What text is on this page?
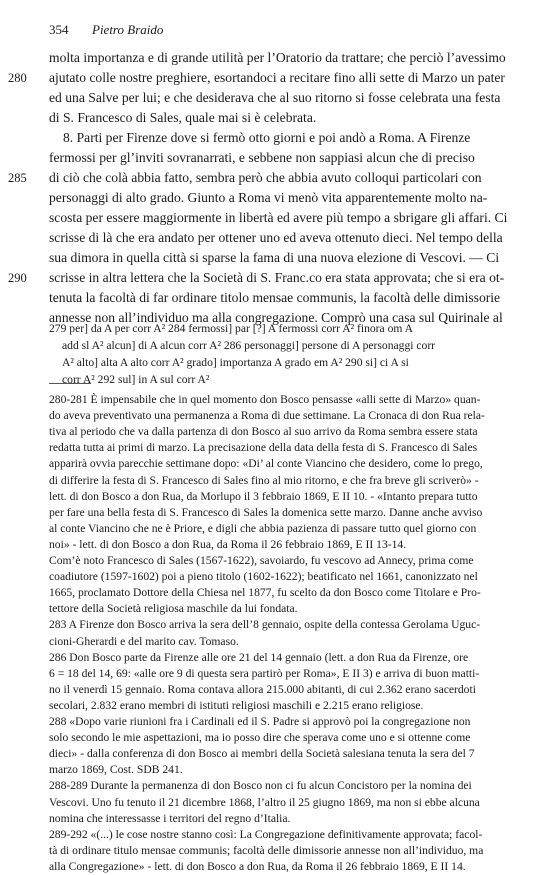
354 Pietro Braido
molta importanza e di grande utilità per l’Oratorio da trattare; che perciò l’avessimo
ajutato colle nostre preghiere, esortandoci a recitare fino alli sette di Marzo un pater
ed una Salve per lui; e che desiderava che al suo ritorno si fosse celebrata una festa
di S. Francesco di Sales, quale mai si è celebrata.
8. Parti per Firenze dove si fermò otto giorni e poi andò a Roma. A Firenze
fermossi per gl’inviti sovranarrati, e sebbene non sappiasi alcun che di preciso
di ciò che colà abbia fatto, sembra però che abbia avuto colloqui particolari con
personaggi di alto grado. Giunto a Roma vi menò vita apparentemente molto na-
scosta per essere maggiormente in libertà ed avere più tempo a sbrigare gli affari. Ci
scrisse di là che era andato per ottener uno ed aveva ottenuto dieci. Nel tempo della
sua dimora in quella città si sparse la fama di una nuova elezione di Vescovi. — Ci
scrisse in altra lettera che la Società di S. Franc.co era stata approvata; che si era ot-
tenuta la facoltà di far ordinare titolo mensae communis, la facoltà delle dimissorie
annesse non all’individuo ma alla congregazione. Comprò una casa sul Quirinale al
280
285
290
279 per] da A per corr A² 284 fermossi] par [?] A fermossi corr A² finora om A
add sl A² alcun] di A alcun corr A² 286 personaggi] persone di A personaggi corr
A² alto] alta A alto corr A² grado] importanza A grado em A² 290 si] ci A si
corr A² 292 sul] in A sul corr A²
280-281 È impensabile che in quel momento don Bosco pensasse «alli sette di Marzo» quan-
do aveva preventivato una permanenza a Roma di due settimane. La Cronaca di don Rua rela-
tiva al periodo che va dalla partenza di don Bosco al suo arrivo da Roma sembra essere stata
redatta tutta ai primi di marzo. La precisazione della data della festa di S. Francesco di Sales
apparirà ovvia parecchie settimane dopo: «Di’ al conte Viancino che desidero, come lo prego,
di differire la festa di S. Francesco di Sales fino al mio ritorno, e che fra breve gli scriverò» -
lett. di don Bosco a don Rua, da Morlupo il 3 febbraio 1869, E II 10. - «Intanto prepara tutto
per fare una bella festa di S. Francesco di Sales la domenica sette marzo. Danne anche avviso
al conte Viancino che ne è Priore, e digli che abbia pazienza di passare tutto quel giorno con
noi» - lett. di don Bosco a don Rua, da Roma il 26 febbraio 1869, E II 13-14.
Com’è noto Francesco di Sales (1567-1622), savoiardo, fu vescovo ad Annecy, prima come
coadiutore (1597-1602) poi a pieno titolo (1602-1622); beatificato nel 1661, canonizzato nel
1665, proclamato Dottore della Chiesa nel 1877, fu scelto da don Bosco come Titolare e Pro-
tettore della Società religiosa maschile da lui fondata.
283 A Firenze don Bosco arriva la sera dell’8 gennaio, ospite della contessa Gerolama Uguc-
cioni-Gherardi e del marito cav. Tomaso.
286 Don Bosco parte da Firenze alle ore 21 del 14 gennaio (lett. a don Rua da Firenze, ore
6 = 18 del 14, 69: «alle ore 9 di questa sera partirò per Roma», E II 3) e arriva di buon matti-
no il venerdì 15 gennaio. Roma contava allora 215.000 abitanti, di cui 2.362 erano sacerdoti
secolari, 2.832 erano membri di istituti religiosi maschili e 2.215 erano religiose.
288 «Dopo varie riunioni fra i Cardinali ed il S. Padre si approvò poi la congregazione non
solo secondo le mie aspettazioni, ma io posso dire che sperava come uno e si ottenne come
dieci» - dalla conferenza di don Bosco ai membri della Società salesiana tenuta la sera del 7
marzo 1869, Cost. SDB 241.
288-289 Durante la permanenza di don Bosco non ci fu alcun Concistoro per la nomina dei
Vescovi. Uno fu tenuto il 21 dicembre 1868, l’altro il 25 giugno 1869, ma non si ebbe alcuna
nomina che interessasse i territori del regno d’Italia.
289-292 «(...) le cose nostre stanno così: La Congregazione definitivamente approvata; facol-
tà di ordinare titulo mensae communis; facoltà delle dimissorie annesse non all’individuo, ma
alla Congregazione» - lett. di don Bosco a don Rua, da Roma il 26 febbraio 1869, E II 14.
